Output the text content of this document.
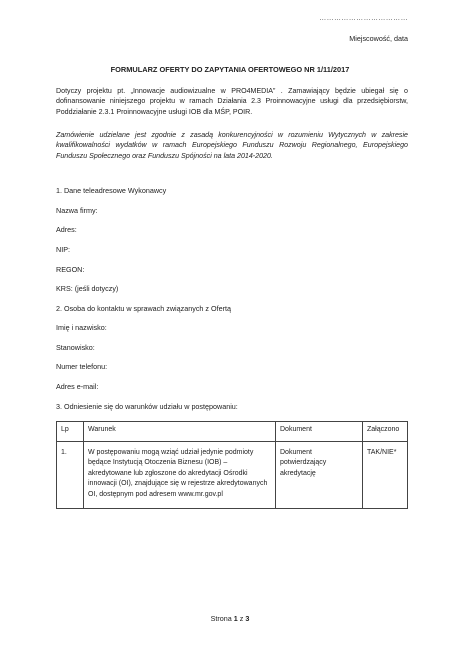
………………………………
Miejscowość, data
FORMULARZ OFERTY DO ZAPYTANIA OFERTOWEGO NR 1/11/2017
Dotyczy projektu pt. „Innowacje audiowizualne w PRO4MEDIA” . Zamawiający będzie ubiegał się o dofinansowanie niniejszego projektu w ramach Działania 2.3 Proinnowacyjne usługi dla przedsiębiorstw, Poddziałanie 2.3.1 Proinnowacyjne usługi IOB dla MŚP, POIR.
Zamówienie udzielane jest zgodnie z zasadą konkurencyjności w rozumieniu Wytycznych w zakresie kwalifikowalności wydatków w ramach Europejskiego Funduszu Rozwoju Regionalnego, Europejskiego Funduszu Społecznego oraz Funduszu Spójności na lata 2014-2020.
1. Dane teleadresowe Wykonawcy
Nazwa firmy:
Adres:
NIP:
REGON:
KRS: (jeśli dotyczy)
2. Osoba do kontaktu w sprawach związanych z Ofertą
Imię i nazwisko:
Stanowisko:
Numer telefonu:
Adres e-mail:
3. Odniesienie się do warunków udziału w postępowaniu:
Lp	Warunek	Dokument	Załączono
1.	W postępowaniu mogą wziąć udział jedynie podmioty będące Instytucją Otoczenia Biznesu (IOB) – akredytowane lub zgłoszone do akredytacji Ośrodki innowacji (OI), znajdujące się w rejestrze akredytowanych OI, dostępnym pod adresem www.mr.gov.pl	Dokument potwierdzający akredytację	TAK/NIE*
Strona 1 z 3
